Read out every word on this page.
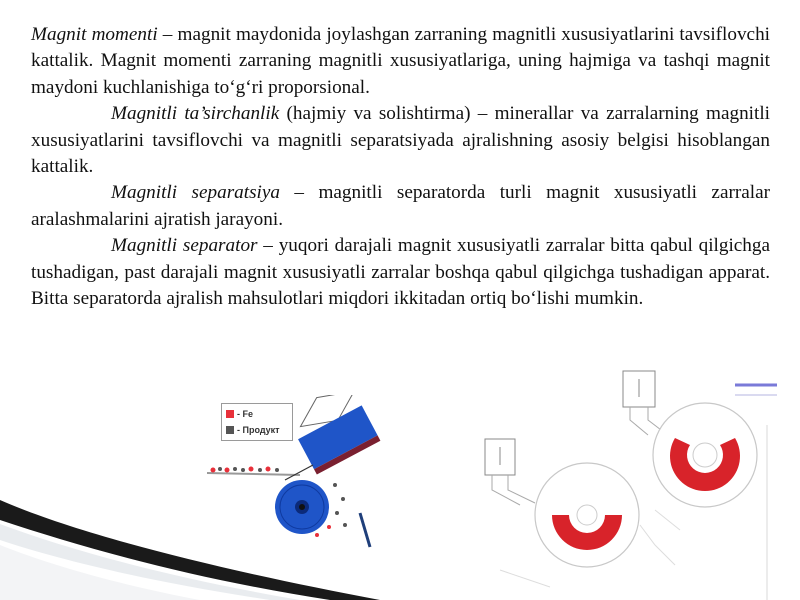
Magnit momenti – magnit maydonida joylashgan zarraning magnitli xususiyatlarini tavsiflovchi kattalik. Magnit momenti zarraning magnitli xususiyatlariga, uning hajmiga va tashqi magnit maydoni kuchlanishiga to‘g‘ri proporsional.

Magnitli ta’sirchanlik (hajmiy va solishtirma) – minerallar va zarralarning magnitli xususiyatlarini tavsiflovchi va magnitli separatsiyada ajralishning asosiy belgisi hisoblangan kattalik.

Magnitli separatsiya – magnitli separatorda turli magnit xususiyatli zarralar aralashmalarini ajratish jarayoni.

Magnitli separator – yuqori darajali magnit xususiyatli zarralar bitta qabul qilgichga tushadigan, past darajali magnit xususiyatli zarralar boshqa qabul qilgichga tushadigan apparat. Bitta separatorda ajralish mahsulotlari miqdori ikkitadan ortiq bo‘lishi mumkin.

- Fe
- Продукт
